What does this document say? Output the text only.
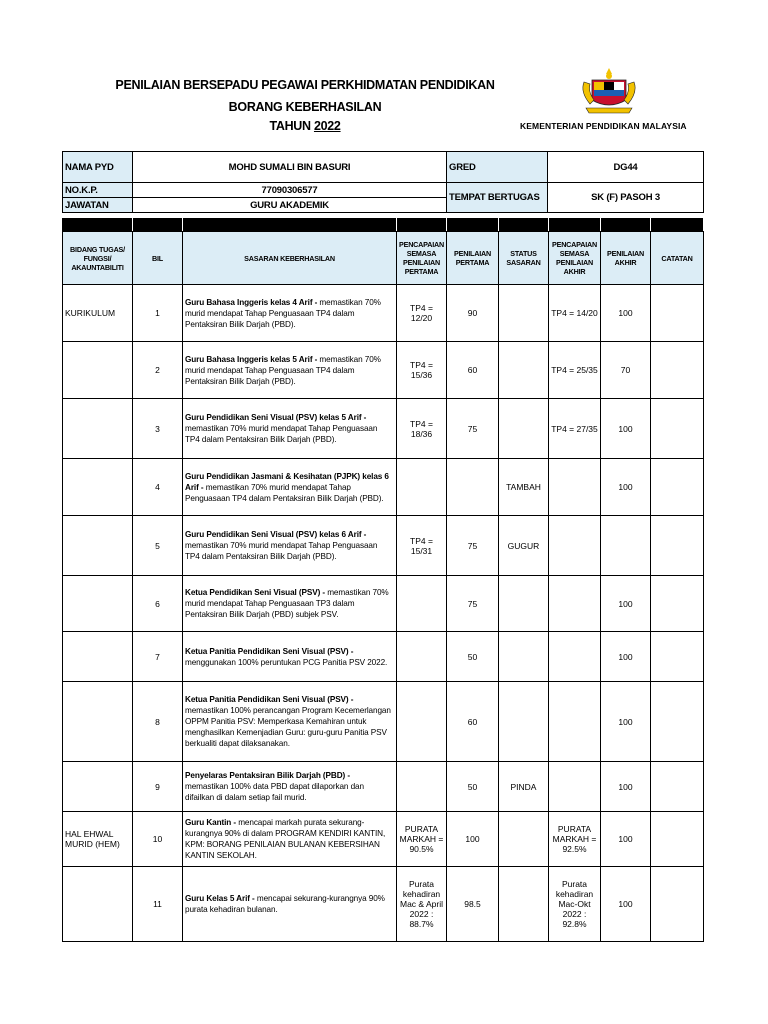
PENILAIAN BERSEPADU PEGAWAI PERKHIDMATAN PENDIDIKAN
BORANG KEBERHASILAN
TAHUN 2022	KEMENTERIAN PENDIDIKAN MALAYSIA
NAMA PYD	MOHD SUMALI BIN BASURI	GRED	DG44
NO.K.P.	77090306577	TEMPAT BERTUGAS	SK (F) PASOH 3
JAWATAN	GURU AKADEMIK		
BIDANG TUGAS/ FUNGSI/ AKAUNTABILITI	BIL	SASARAN KEBERHASILAN	PENCAPAIAN SEMASA PENILAIAN PERTAMA	PENILAIAN PERTAMA	STATUS SASARAN	PENCAPAIAN SEMASA PENILAIAN AKHIR	PENILAIAN AKHIR	CATATAN
KURIKULUM	1	Guru Bahasa Inggeris kelas 4 Arif - memastikan 70% murid mendapat Tahap Penguasaan TP4 dalam Pentaksiran Bilik Darjah (PBD).	TP4 = 12/20	90		TP4 = 14/20	100	
	2	Guru Bahasa Inggeris kelas 5 Arif - memastikan 70% murid mendapat Tahap Penguasaan TP4 dalam Pentaksiran Bilik Darjah (PBD).	TP4 = 15/36	60		TP4 = 25/35	70	
	3	Guru Pendidikan Seni Visual (PSV) kelas 5 Arif - memastikan 70% murid mendapat Tahap Penguasaan TP4 dalam Pentaksiran Bilik Darjah (PBD).	TP4 = 18/36	75		TP4 = 27/35	100	
	4	Guru Pendidikan Jasmani & Kesihatan (PJPK) kelas 6 Arif - memastikan 70% murid mendapat Tahap Penguasaan TP4 dalam Pentaksiran Bilik Darjah (PBD).			TAMBAH		100	
	5	Guru Pendidikan Seni Visual (PSV) kelas 6 Arif - memastikan 70% murid mendapat Tahap Penguasaan TP4 dalam Pentaksiran Bilik Darjah (PBD).	TP4 = 15/31	75	GUGUR			
	6	Ketua Pendidikan Seni Visual (PSV) - memastikan 70% murid mendapat Tahap Penguasaan TP3 dalam Pentaksiran Bilik Darjah (PBD) subjek PSV.		75			100	
	7	Ketua Panitia Pendidikan Seni Visual (PSV) - menggunakan 100% peruntukan PCG Panitia PSV 2022.		50			100	
	8	Ketua Panitia Pendidikan Seni Visual (PSV) - memastikan 100% perancangan Program Kecemerlangan OPPM Panitia PSV: Memperkasa Kemahiran untuk menghasilkan Kemenjadian Guru: guru-guru Panitia PSV berkualiti dapat dilaksanakan.		60			100	
	9	Penyelaras Pentaksiran Bilik Darjah (PBD) - memastikan 100% data PBD dapat dilaporkan dan difailkan di dalam setiap fail murid.		50	PINDA		100	
HAL EHWAL MURID (HEM)	10	Guru Kantin - mencapai markah purata sekurang-kurangnya 90% di dalam PROGRAM KENDIRI KANTIN, KPM: BORANG PENILAIAN BULANAN KEBERSIHAN KANTIN SEKOLAH.	PURATA MARKAH = 90.5%	100		PURATA MARKAH = 92.5%	100	
	11	Guru Kelas 5 Arif - mencapai sekurang-kurangnya 90% purata kehadiran bulanan.	Purata kehadiran Mac & April 2022 : 88.7%	98.5		Purata kehadiran Mac-Okt 2022 : 92.8%	100	
